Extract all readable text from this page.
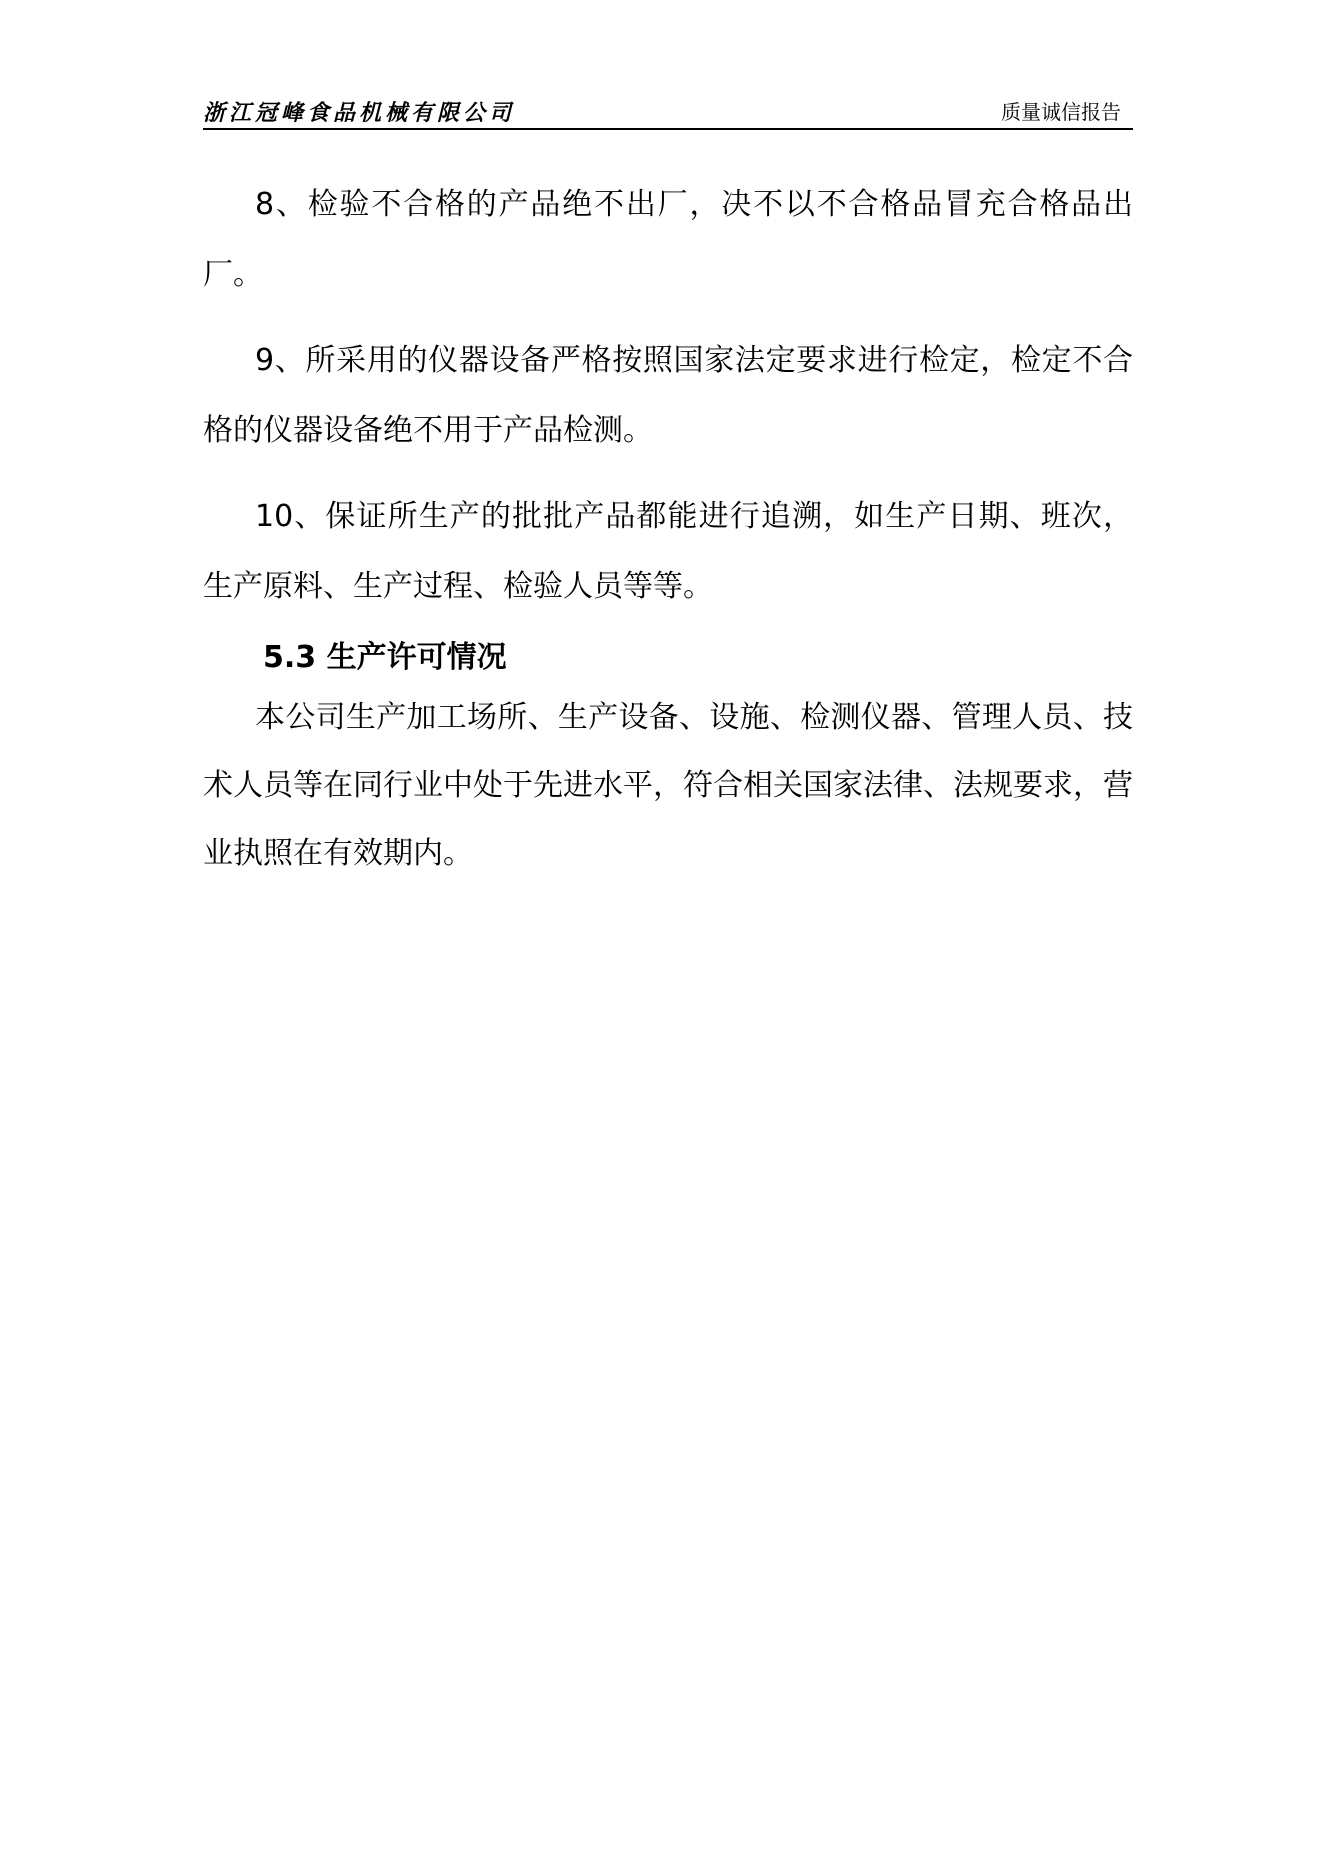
浙江冠峰食品机械有限公司	质量诚信报告

8、检验不合格的产品绝不出厂，决不以不合格品冒充合格品出厂。

9、所采用的仪器设备严格按照国家法定要求进行检定，检定不合格的仪器设备绝不用于产品检测。

10、保证所生产的批批产品都能进行追溯，如生产日期、班次，生产原料、生产过程、检验人员等等。

5.3 生产许可情况

本公司生产加工场所、生产设备、设施、检测仪器、管理人员、技术人员等在同行业中处于先进水平，符合相关国家法律、法规要求，营业执照在有效期内。
